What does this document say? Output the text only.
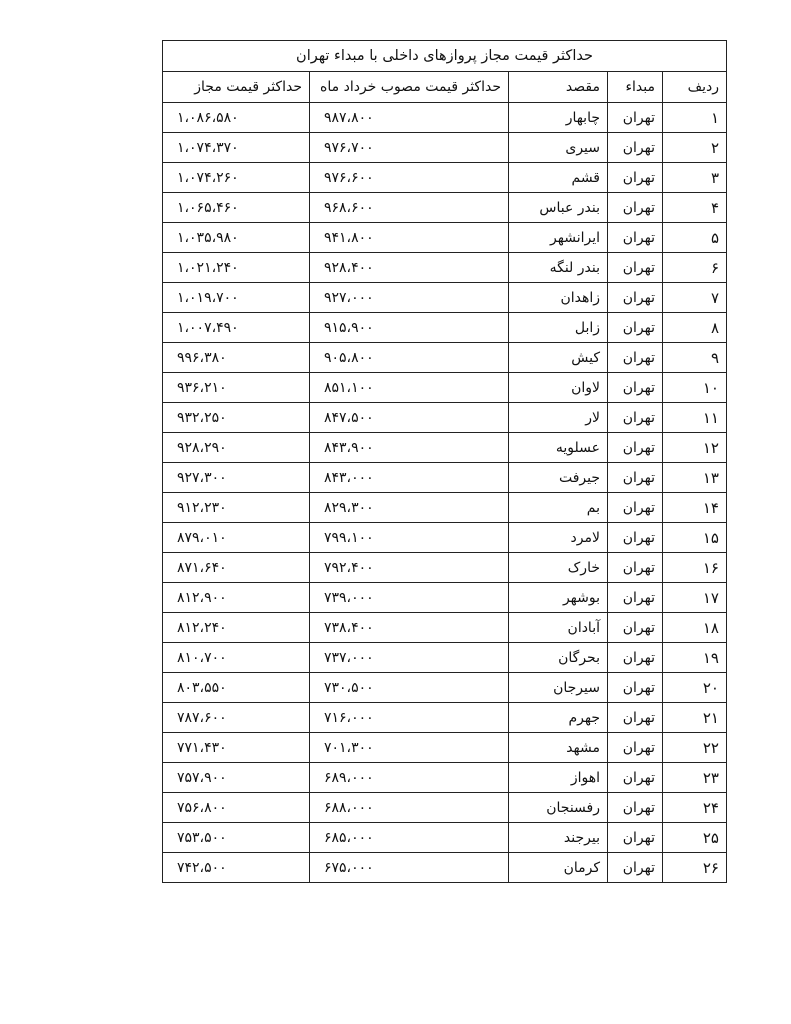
حداکثر قیمت مجاز پروازهای داخلی با مبداء تهران
ردیف	مبداء	مقصد	حداکثر قیمت مصوب خرداد ماه	حداکثر قیمت مجاز
۱	تهران	چابهار	۹۸۷،۸۰۰	۱،۰۸۶،۵۸۰
۲	تهران	سیری	۹۷۶،۷۰۰	۱،۰۷۴،۳۷۰
۳	تهران	قشم	۹۷۶،۶۰۰	۱،۰۷۴،۲۶۰
۴	تهران	بندر عباس	۹۶۸،۶۰۰	۱،۰۶۵،۴۶۰
۵	تهران	ایرانشهر	۹۴۱،۸۰۰	۱،۰۳۵،۹۸۰
۶	تهران	بندر لنگه	۹۲۸،۴۰۰	۱،۰۲۱،۲۴۰
۷	تهران	زاهدان	۹۲۷،۰۰۰	۱،۰۱۹،۷۰۰
۸	تهران	زابل	۹۱۵،۹۰۰	۱،۰۰۷،۴۹۰
۹	تهران	کیش	۹۰۵،۸۰۰	۹۹۶،۳۸۰
۱۰	تهران	لاوان	۸۵۱،۱۰۰	۹۳۶،۲۱۰
۱۱	تهران	لار	۸۴۷،۵۰۰	۹۳۲،۲۵۰
۱۲	تهران	عسلویه	۸۴۳،۹۰۰	۹۲۸،۲۹۰
۱۳	تهران	جیرفت	۸۴۳،۰۰۰	۹۲۷،۳۰۰
۱۴	تهران	بم	۸۲۹،۳۰۰	۹۱۲،۲۳۰
۱۵	تهران	لامرد	۷۹۹،۱۰۰	۸۷۹،۰۱۰
۱۶	تهران	خارک	۷۹۲،۴۰۰	۸۷۱،۶۴۰
۱۷	تهران	بوشهر	۷۳۹،۰۰۰	۸۱۲،۹۰۰
۱۸	تهران	آبادان	۷۳۸،۴۰۰	۸۱۲،۲۴۰
۱۹	تهران	بحرگان	۷۳۷،۰۰۰	۸۱۰،۷۰۰
۲۰	تهران	سیرجان	۷۳۰،۵۰۰	۸۰۳،۵۵۰
۲۱	تهران	جهرم	۷۱۶،۰۰۰	۷۸۷،۶۰۰
۲۲	تهران	مشهد	۷۰۱،۳۰۰	۷۷۱،۴۳۰
۲۳	تهران	اهواز	۶۸۹،۰۰۰	۷۵۷،۹۰۰
۲۴	تهران	رفسنجان	۶۸۸،۰۰۰	۷۵۶،۸۰۰
۲۵	تهران	بیرجند	۶۸۵،۰۰۰	۷۵۳،۵۰۰
۲۶	تهران	کرمان	۶۷۵،۰۰۰	۷۴۲،۵۰۰
